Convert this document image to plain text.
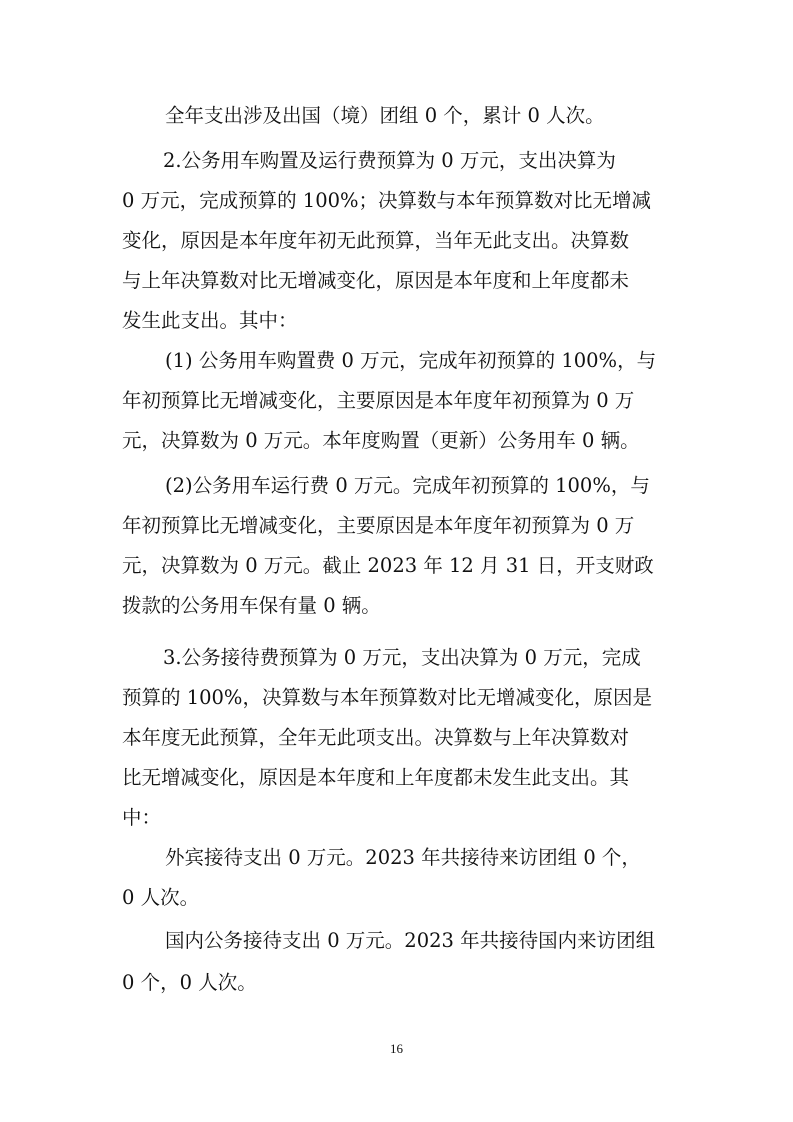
全年支出涉及出国（境）团组 0 个，累计 0 人次。
2.公务用车购置及运行费预算为 0 万元，支出决算为
0 万元，完成预算的 100%；决算数与本年预算数对比无增减
变化，原因是本年度年初无此预算，当年无此支出。决算数
与上年决算数对比无增减变化，原因是本年度和上年度都未
发生此支出。其中：
(1) 公务用车购置费 0 万元，完成年初预算的 100%，与
年初预算比无增减变化，主要原因是本年度年初预算为 0 万
元，决算数为 0 万元。本年度购置（更新）公务用车 0 辆。
(2)公务用车运行费 0 万元。完成年初预算的 100%，与
年初预算比无增减变化，主要原因是本年度年初预算为 0 万
元，决算数为 0 万元。截止 2023 年 12 月 31 日，开支财政
拨款的公务用车保有量 0 辆。
3.公务接待费预算为 0 万元，支出决算为 0 万元，完成
预算的 100%，决算数与本年预算数对比无增减变化，原因是
本年度无此预算，全年无此项支出。决算数与上年决算数对
比无增减变化，原因是本年度和上年度都未发生此支出。其
中：
外宾接待支出 0 万元。2023 年共接待来访团组 0 个，
0 人次。
国内公务接待支出 0 万元。2023 年共接待国内来访团组
0 个，0 人次。
16
